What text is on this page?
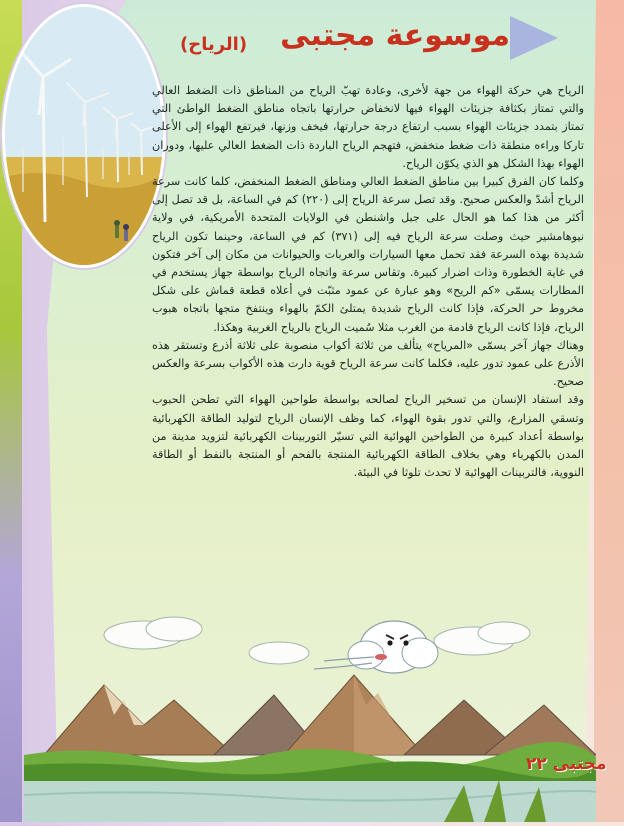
(الرياح) موسوعة مجتبى

الرياح هي حركة الهواء من جهة لأخرى، وعادة تهبّ الرياح من المناطق ذات الضغط العالي والتي تمتاز بكثافة جزيئات الهواء فيها لانخفاض حرارتها باتجاه مناطق الضغط الواطئ التي تمتاز بتمدد جزيئات الهواء بسبب ارتفاع درجة حرارتها، فيخف وزنها، فيرتفع الهواء إلى الأعلى تاركا وراءه منطقة ذات ضغط منخفض، فتهجم الرياح الباردة ذات الضغط العالي عليها، ودوران الهواء بهذا الشكل هو الذي يكوّن الرياح.

وكلما كان الفرق كبيرا بين مناطق الضغط العالي ومناطق الضغط المنخفض، كلما كانت سرعة الرياح أشدّ والعكس صحيح. وقد تصل سرعة الرياح إلى (٢٢٠) كم في الساعة، بل قد تصل إلى أكثر من هذا كما هو الحال على جبل واشنطن في الولايات المتحدة الأمريكية، في ولاية نيوهامشير حيث وصلت سرعة الرياح فيه إلى (٣٧١) كم في الساعة، وحينما تكون الرياح شديدة بهذه السرعة فقد تحمل معها السيارات والعربات والحيوانات من مكان إلى آخر فتكون في غاية الخطورة وذات اضرار كبيرة. وتقاس سرعة واتجاه الرياح بواسطة جهاز يستخدم في المطارات يسمّى «كم الريح» وهو عبارة عن عمود مثبّت في أعلاه قطعة قماش على شكل مخروط حر الحركة، فإذا كانت الرياح شديدة يمتلئ الكمّ بالهواء وينتفخ متجها باتجاه هبوب الرياح، فإذا كانت الرياح قادمة من الغرب مثلا سُميت الرياح بالرياح الغربية وهكذا.

وهناك جهاز آخر يسمّى «المرياح» يتألف من ثلاثة أكواب منصوبة على ثلاثة أذرع وتستقر هذه الأذرع على عمود تدور عليه، فكلما كانت سرعة الرياح قوية دارت هذه الأكواب بسرعة والعكس صحيح.

وقد استفاد الإنسان من تسخير الرياح لصالحه بواسطة طواحين الهواء التي تطحن الحبوب وتسقي المزارع، والتي تدور بقوة الهواء، كما وظف الإنسان الرياح لتوليد الطاقة الكهربائية بواسطة أعداد كبيرة من الطواحين الهوائية التي تسيّر التوربينات الكهربائية لتزويد مدينة من المدن بالكهرباء وهي بخلاف الطاقة الكهربائية المنتجة بالفحم أو المنتجة بالنفط أو الطاقة النووية، فالتربينات الهوائية لا تحدث تلوثا في البيئة.

مجتبى ٢٢
